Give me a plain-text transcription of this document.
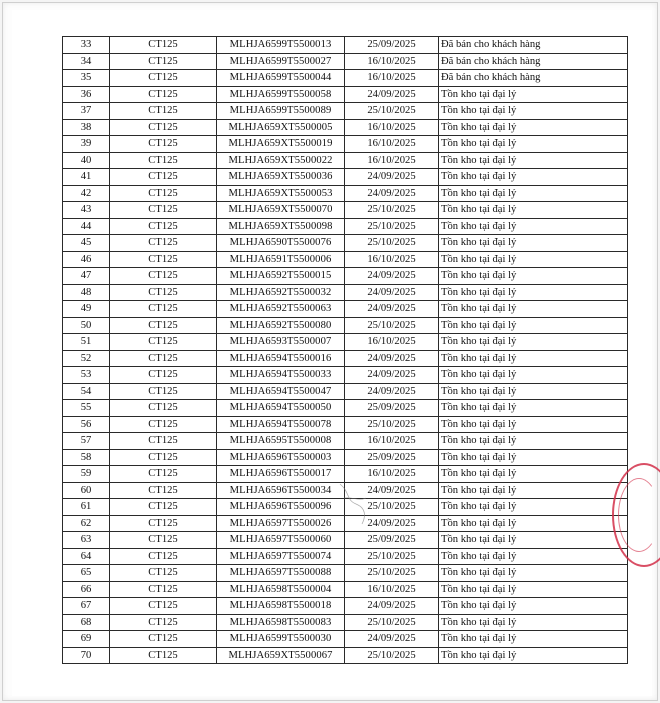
33	CT125	MLHJA6599T5500013	25/09/2025	Đã bán cho khách hàng
34	CT125	MLHJA6599T5500027	16/10/2025	Đã bán cho khách hàng
35	CT125	MLHJA6599T5500044	16/10/2025	Đã bán cho khách hàng
36	CT125	MLHJA6599T5500058	24/09/2025	Tồn kho tại đại lý
37	CT125	MLHJA6599T5500089	25/10/2025	Tồn kho tại đại lý
38	CT125	MLHJA659XT5500005	16/10/2025	Tồn kho tại đại lý
39	CT125	MLHJA659XT5500019	16/10/2025	Tồn kho tại đại lý
40	CT125	MLHJA659XT5500022	16/10/2025	Tồn kho tại đại lý
41	CT125	MLHJA659XT5500036	24/09/2025	Tồn kho tại đại lý
42	CT125	MLHJA659XT5500053	24/09/2025	Tồn kho tại đại lý
43	CT125	MLHJA659XT5500070	25/10/2025	Tồn kho tại đại lý
44	CT125	MLHJA659XT5500098	25/10/2025	Tồn kho tại đại lý
45	CT125	MLHJA6590T5500076	25/10/2025	Tồn kho tại đại lý
46	CT125	MLHJA6591T5500006	16/10/2025	Tồn kho tại đại lý
47	CT125	MLHJA6592T5500015	24/09/2025	Tồn kho tại đại lý
48	CT125	MLHJA6592T5500032	24/09/2025	Tồn kho tại đại lý
49	CT125	MLHJA6592T5500063	24/09/2025	Tồn kho tại đại lý
50	CT125	MLHJA6592T5500080	25/10/2025	Tồn kho tại đại lý
51	CT125	MLHJA6593T5500007	16/10/2025	Tồn kho tại đại lý
52	CT125	MLHJA6594T5500016	24/09/2025	Tồn kho tại đại lý
53	CT125	MLHJA6594T5500033	24/09/2025	Tồn kho tại đại lý
54	CT125	MLHJA6594T5500047	24/09/2025	Tồn kho tại đại lý
55	CT125	MLHJA6594T5500050	25/09/2025	Tồn kho tại đại lý
56	CT125	MLHJA6594T5500078	25/10/2025	Tồn kho tại đại lý
57	CT125	MLHJA6595T5500008	16/10/2025	Tồn kho tại đại lý
58	CT125	MLHJA6596T5500003	25/09/2025	Tồn kho tại đại lý
59	CT125	MLHJA6596T5500017	16/10/2025	Tồn kho tại đại lý
60	CT125	MLHJA6596T5500034	24/09/2025	Tồn kho tại đại lý
61	CT125	MLHJA6596T5500096	25/10/2025	Tồn kho tại đại lý
62	CT125	MLHJA6597T5500026	24/09/2025	Tồn kho tại đại lý
63	CT125	MLHJA6597T5500060	25/09/2025	Tồn kho tại đại lý
64	CT125	MLHJA6597T5500074	25/10/2025	Tồn kho tại đại lý
65	CT125	MLHJA6597T5500088	25/10/2025	Tồn kho tại đại lý
66	CT125	MLHJA6598T5500004	16/10/2025	Tồn kho tại đại lý
67	CT125	MLHJA6598T5500018	24/09/2025	Tồn kho tại đại lý
68	CT125	MLHJA6598T5500083	25/10/2025	Tồn kho tại đại lý
69	CT125	MLHJA6599T5500030	24/09/2025	Tồn kho tại đại lý
70	CT125	MLHJA659XT5500067	25/10/2025	Tồn kho tại đại lý
